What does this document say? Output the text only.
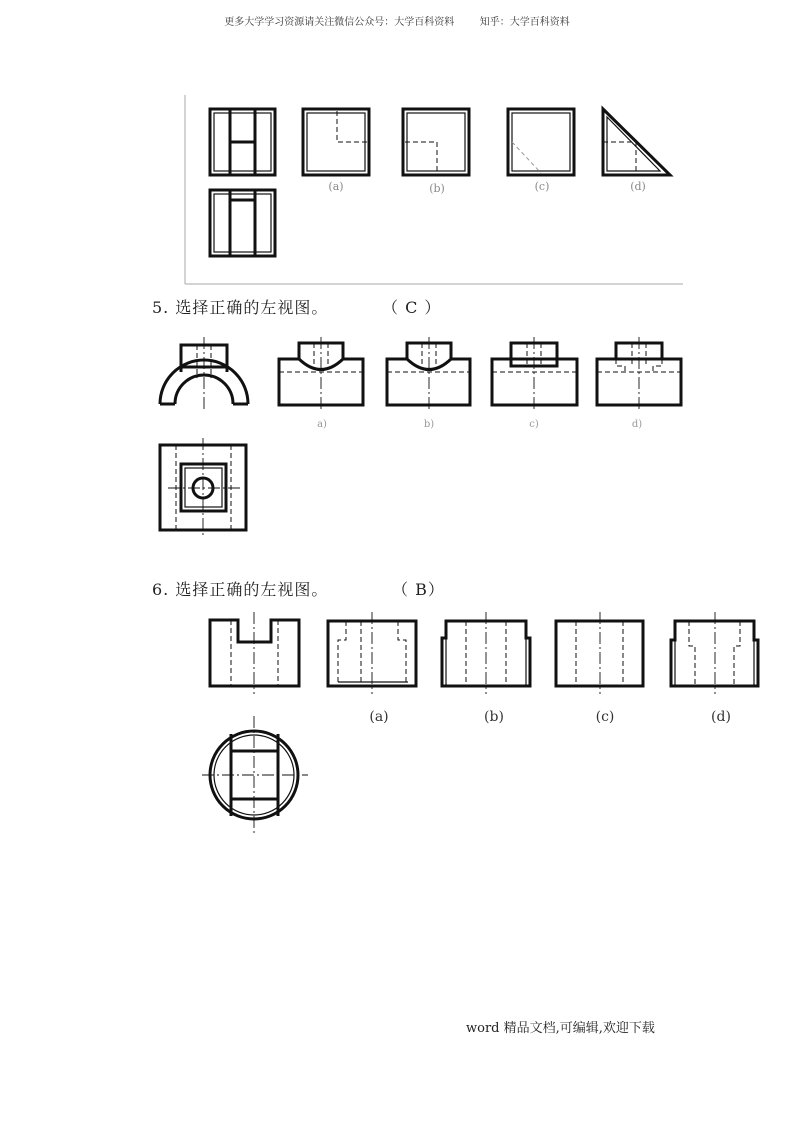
更多大学学习资源请关注微信公众号：大学百科资料        知乎：大学百科资料
(a)	(b)	(c)	(d)
5. 选择正确的左视图。	（ C ）
a)	b)	c)	d)
6. 选择正确的左视图。	（ B）
(a)	(b)	(c)	(d)
word 精品文档,可编辑,欢迎下载
